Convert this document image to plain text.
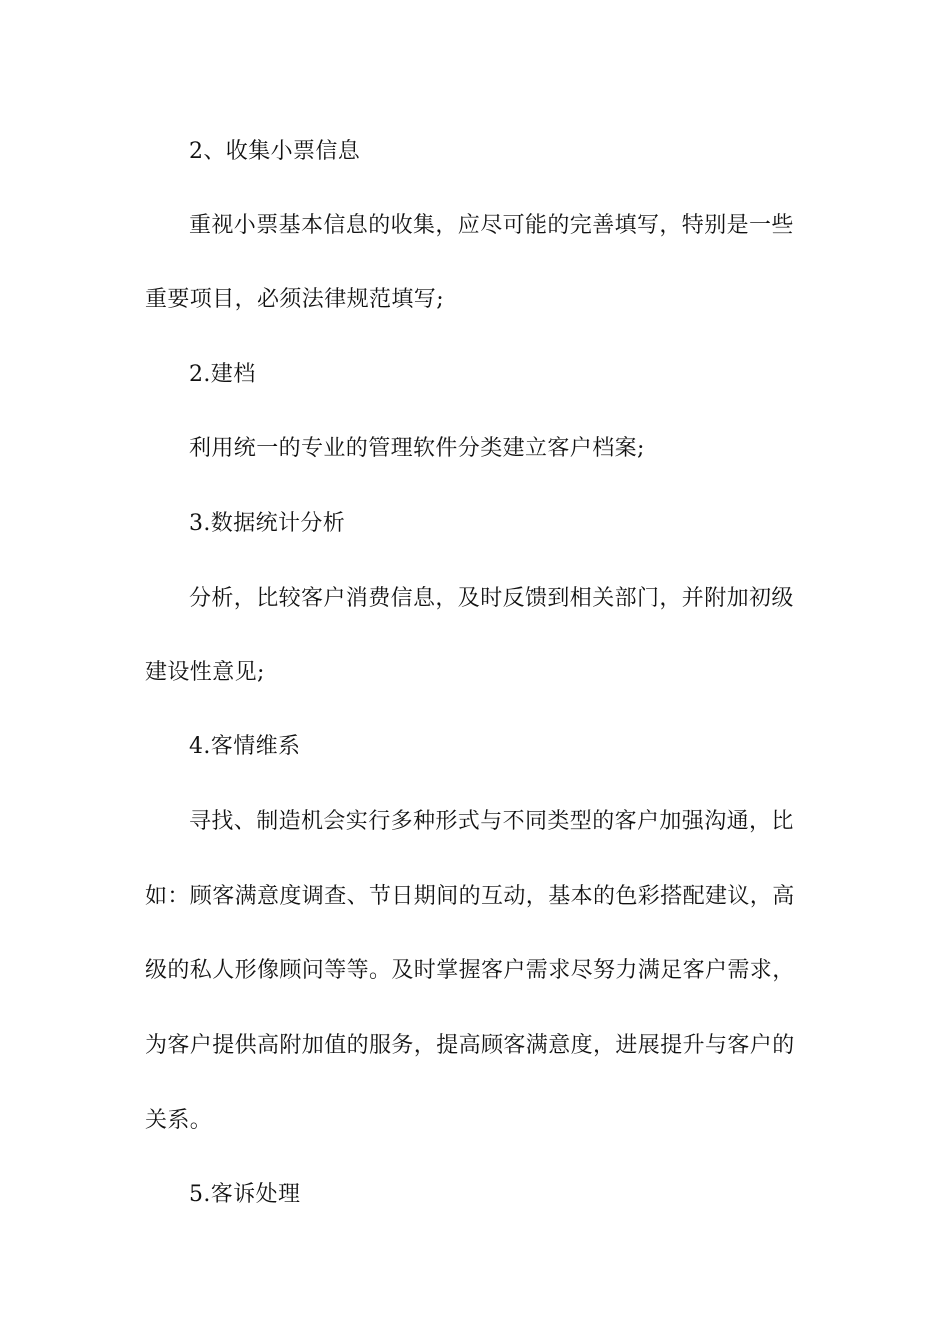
2、收集小票信息
重视小票基本信息的收集，应尽可能的完善填写，特别是一些
重要项目，必须法律规范填写;
2.建档
利用统一的专业的管理软件分类建立客户档案;
3.数据统计分析
分析，比较客户消费信息，及时反馈到相关部门，并附加初级
建设性意见;
4.客情维系
寻找、制造机会实行多种形式与不同类型的客户加强沟通，比
如：顾客满意度调查、节日期间的互动，基本的色彩搭配建议，高
级的私人形像顾问等等。及时掌握客户需求尽努力满足客户需求，
为客户提供高附加值的服务，提高顾客满意度，进展提升与客户的
关系。
5.客诉处理
